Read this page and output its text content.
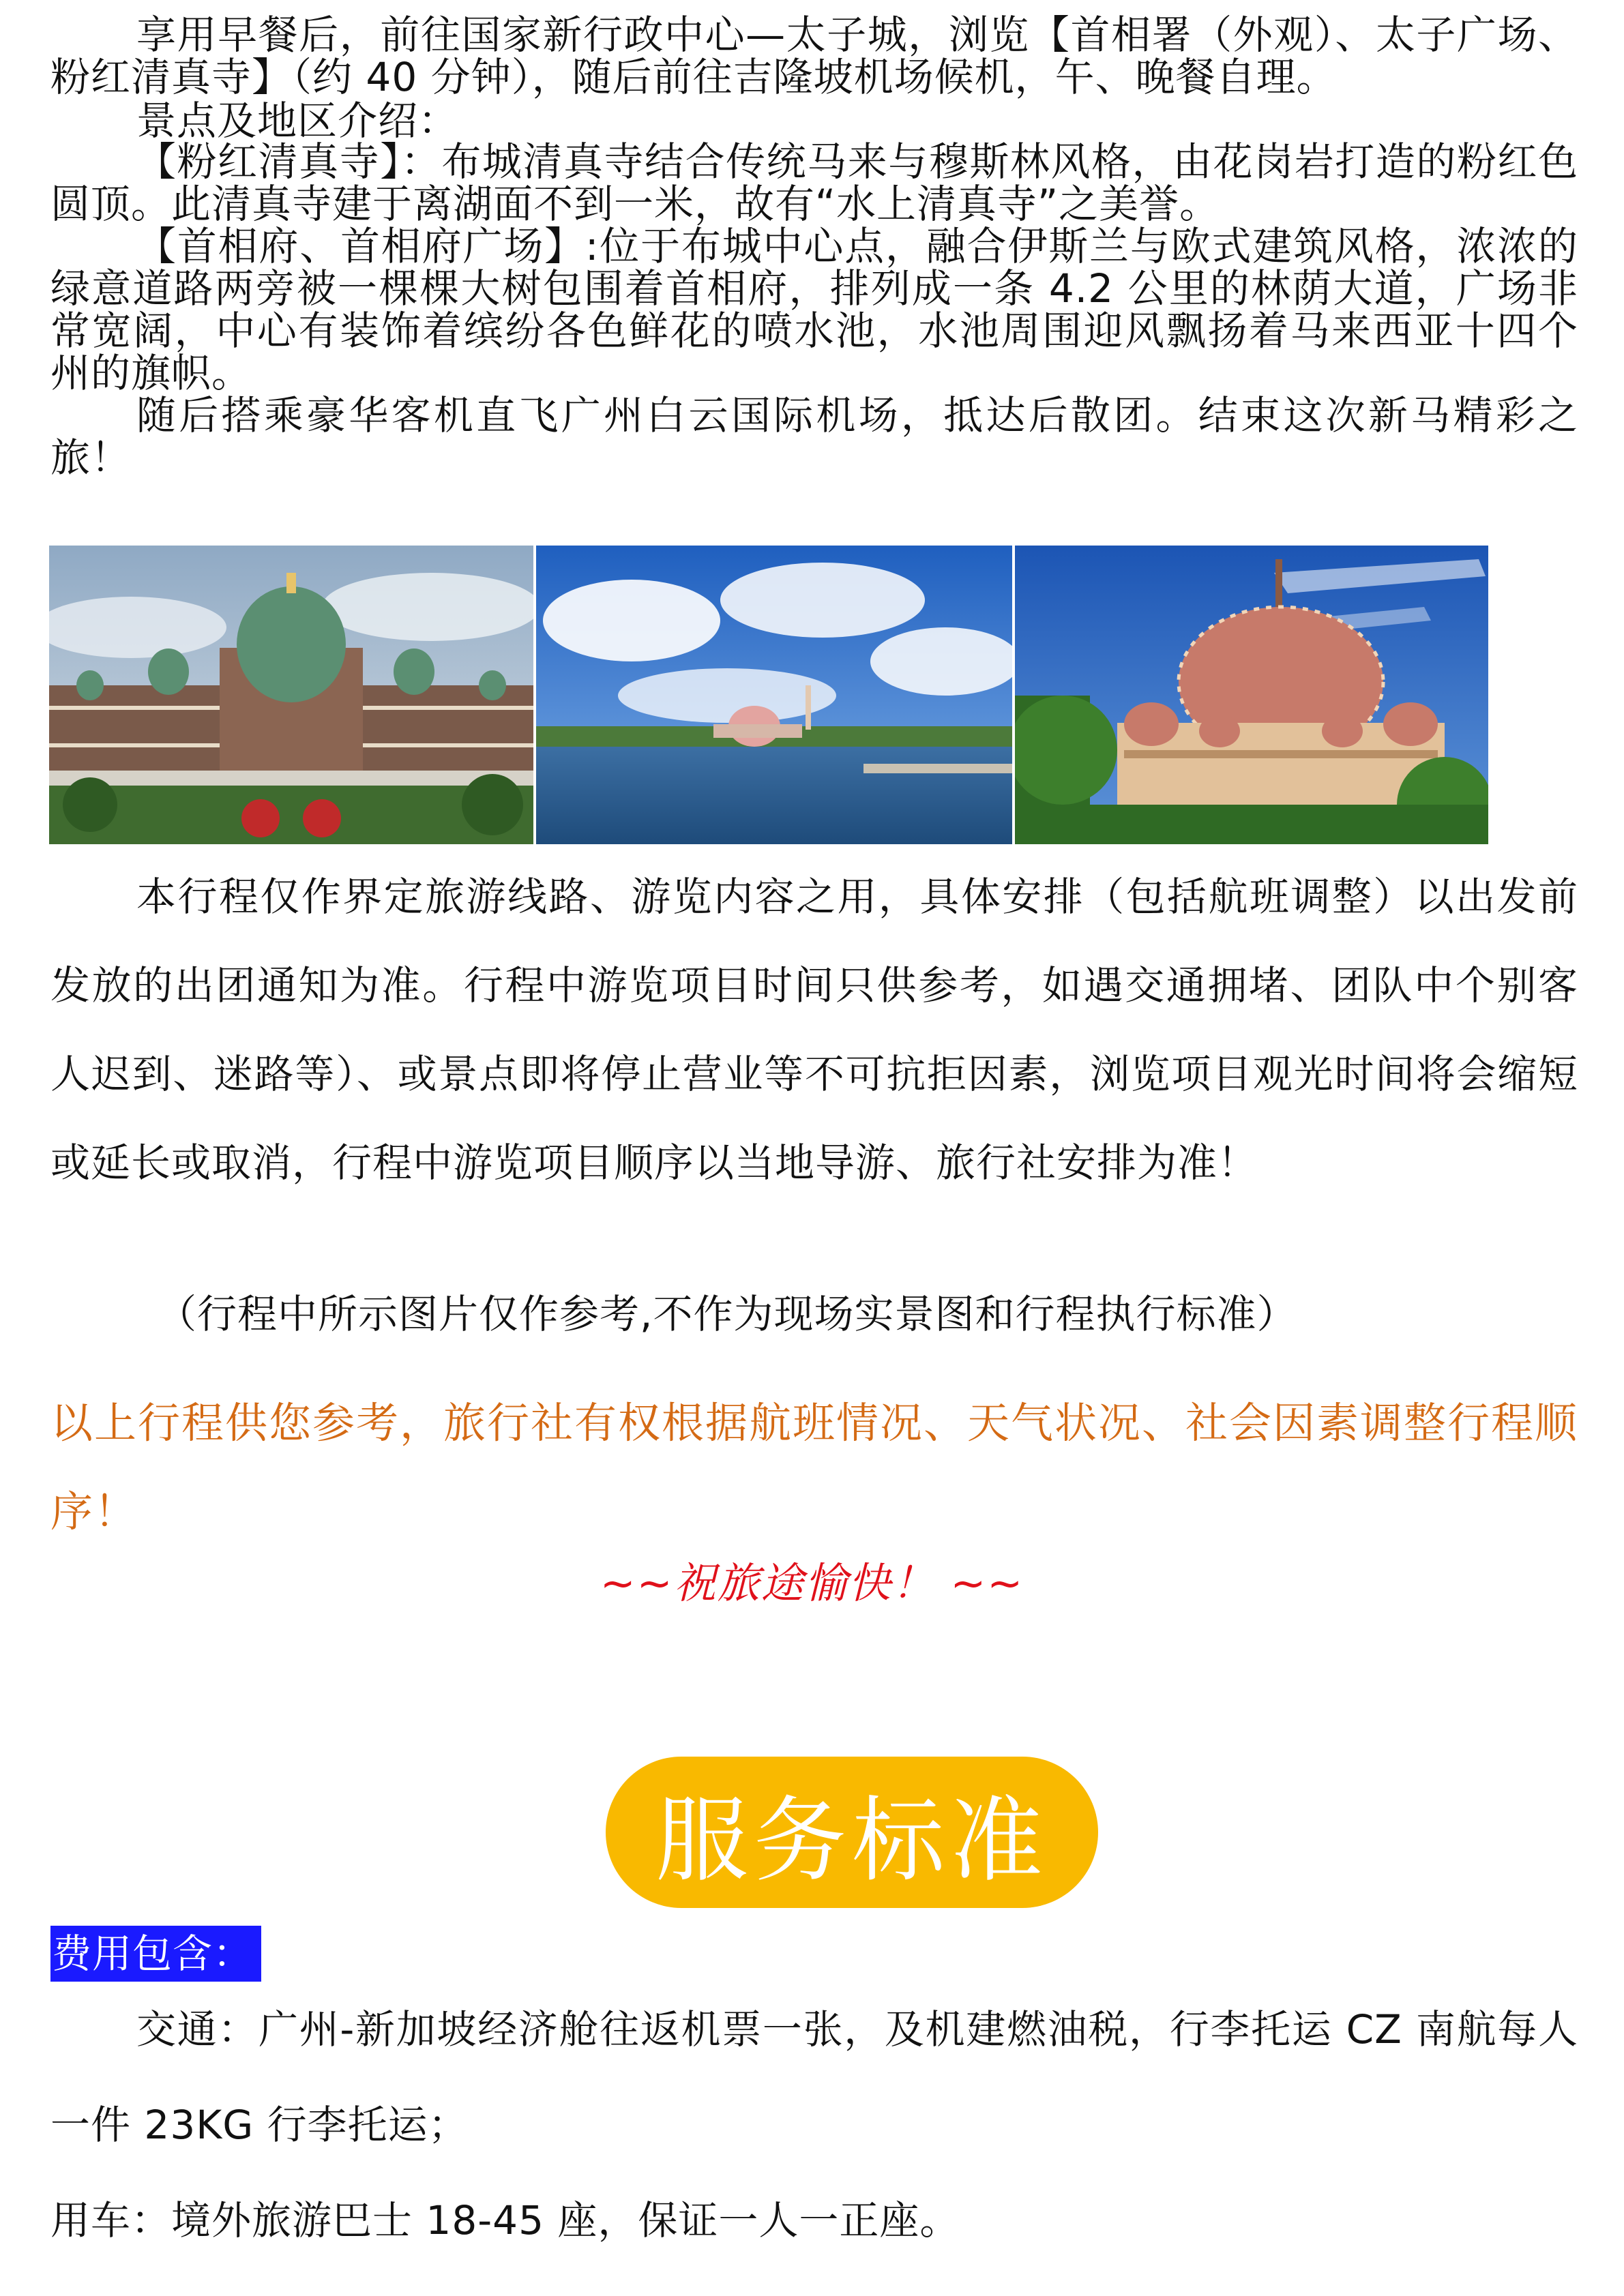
享用早餐后，前往国家新行政中心—太子城，浏览【首相署（外观）、太子广场、粉红清真寺】（约 40 分钟），随后前往吉隆坡机场候机，午、晚餐自理。

景点及地区介绍：

【粉红清真寺】：布城清真寺结合传统马来与穆斯林风格，由花岗岩打造的粉红色圆顶。此清真寺建于离湖面不到一米，故有“水上清真寺”之美誉。

【首相府、首相府广场】:位于布城中心点，融合伊斯兰与欧式建筑风格，浓浓的绿意道路两旁被一棵棵大树包围着首相府，排列成一条 4.2 公里的林荫大道，广场非常宽阔，中心有装饰着缤纷各色鲜花的喷水池，水池周围迎风飘扬着马来西亚十四个州的旗帜。

随后搭乘豪华客机直飞广州白云国际机场，抵达后散团。结束这次新马精彩之旅！

本行程仅作界定旅游线路、游览内容之用，具体安排（包括航班调整）以出发前发放的出团通知为准。行程中游览项目时间只供参考，如遇交通拥堵、团队中个别客人迟到、迷路等）、或景点即将停止营业等不可抗拒因素，浏览项目观光时间将会缩短或延长或取消，行程中游览项目顺序以当地导游、旅行社安排为准！

（行程中所示图片仅作参考,不作为现场实景图和行程执行标准）

以上行程供您参考，旅行社有权根据航班情况、天气状况、社会因素调整行程顺序！

~~祝旅途愉快！ ~~

服务标准
费用包含：

交通：广州-新加坡经济舱往返机票一张，及机建燃油税，行李托运 CZ 南航每人一件 23KG 行李托运；

用车：境外旅游巴士 18-45 座，保证一人一正座。
